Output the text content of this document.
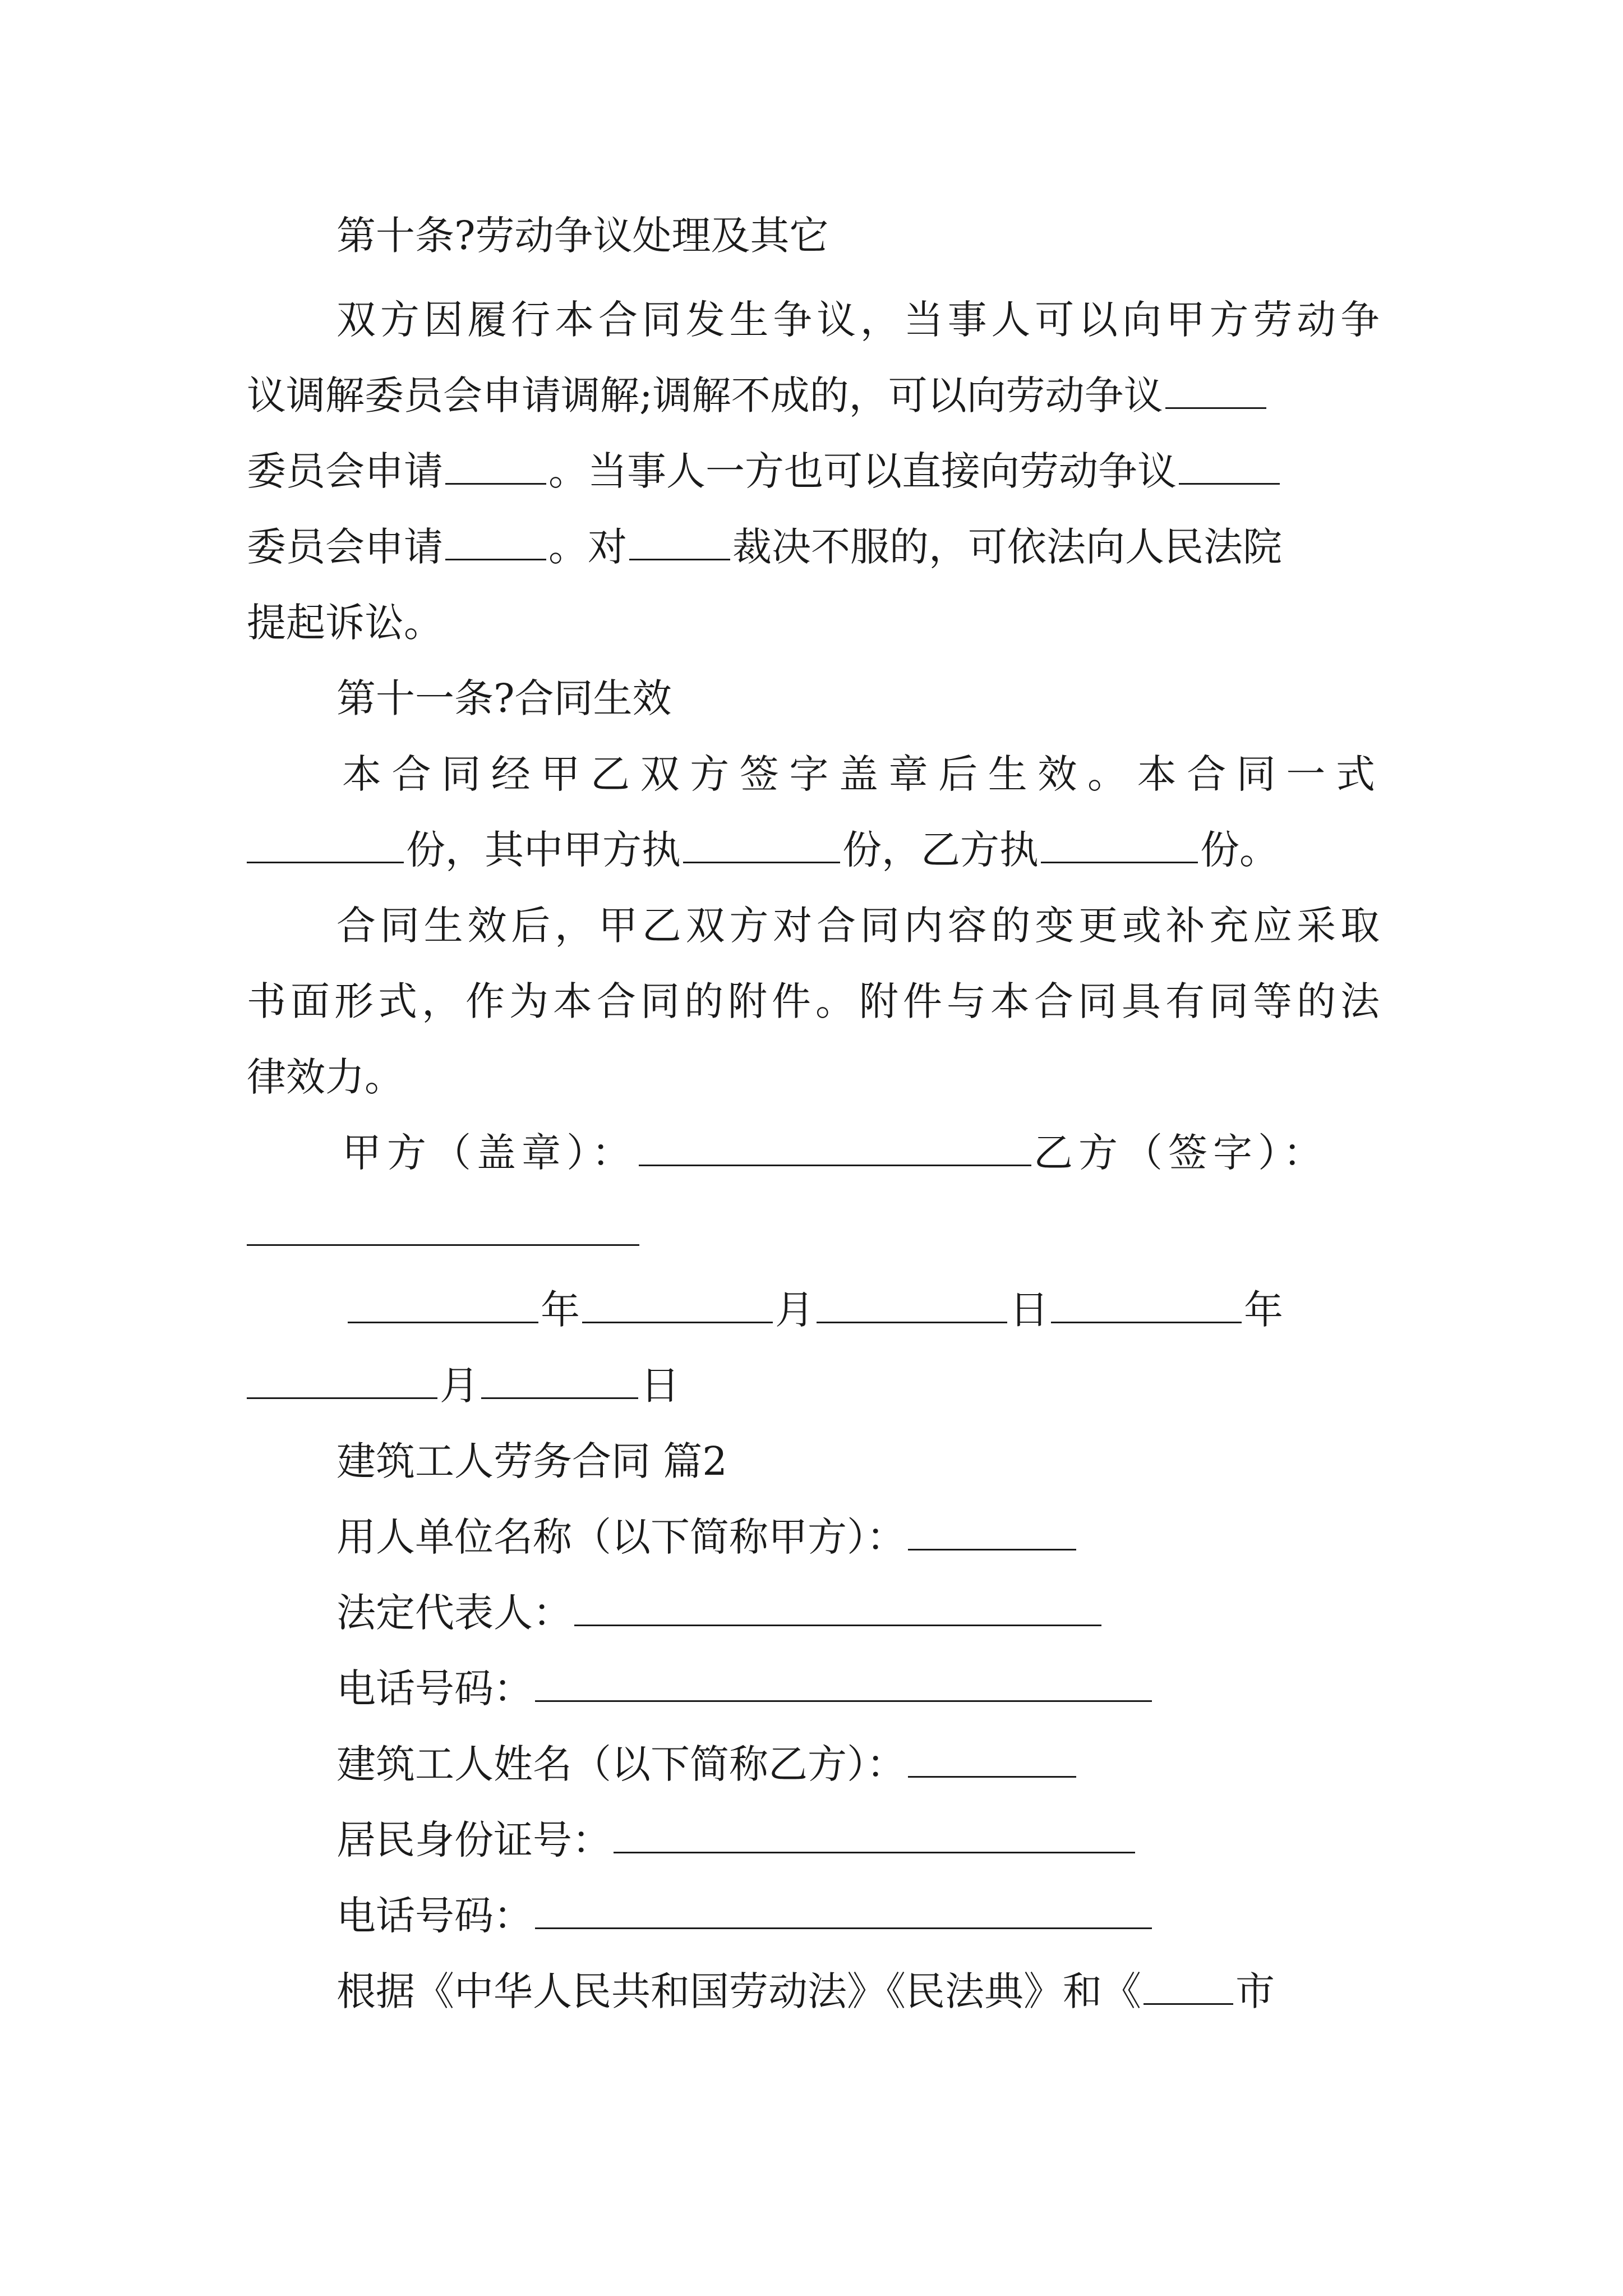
第十条?劳动争议处理及其它
双方因履行本合同发生争议，当事人可以向甲方劳动争
议调解委员会申请调解;调解不成的，可以向劳动争议
委员会申请	。当事人一方也可以直接向劳动争议
委员会申请	。对	裁决不服的，可依法向人民法院
提起诉讼。
第十一条?合同生效
本合同经甲乙双方签字盖章后生效。本合同一式
份，其中甲方执	份，乙方执	份。
合同生效后，甲乙双方对合同内容的变更或补充应采取
书面形式，作为本合同的附件。附件与本合同具有同等的法
律效力。
甲方（盖章）：	乙方（签字）：
年	月	日	年
月	日
建筑工人劳务合同 篇2
用人单位名称（以下简称甲方）：
法定代表人：
电话号码：
建筑工人姓名（以下简称乙方）：
居民身份证号：
电话号码：
根据《中华人民共和国劳动法》《民法典》和《 市
